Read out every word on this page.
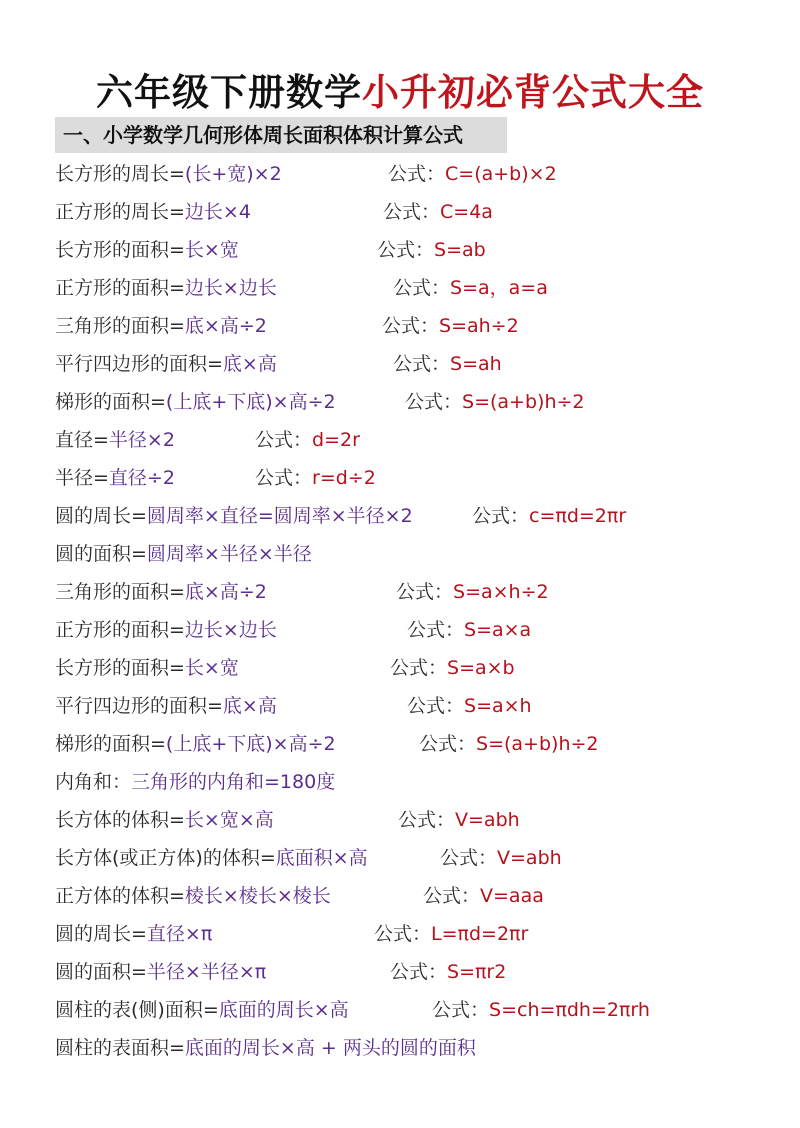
六年级下册数学小升初必背公式大全
一、小学数学几何形体周长面积体积计算公式
长方形的周长=(长+宽)×2	公式：C=(a+b)×2
正方形的周长=边长×4	公式：C=4a
长方形的面积=长×宽	公式：S=ab
正方形的面积=边长×边长	公式：S=a，a=a
三角形的面积=底×高÷2	公式：S=ah÷2
平行四边形的面积=底×高	公式：S=ah
梯形的面积=(上底+下底)×高÷2	公式：S=(a+b)h÷2
直径=半径×2	公式：d=2r
半径=直径÷2	公式：r=d÷2
圆的周长=圆周率×直径=圆周率×半径×2	公式：c=πd=2πr
圆的面积=圆周率×半径×半径
三角形的面积=底×高÷2	公式：S=a×h÷2
正方形的面积=边长×边长	公式：S=a×a
长方形的面积=长×宽	公式：S=a×b
平行四边形的面积=底×高	公式：S=a×h
梯形的面积=(上底+下底)×高÷2	公式：S=(a+b)h÷2
内角和：三角形的内角和=180度
长方体的体积=长×宽×高	公式：V=abh
长方体(或正方体)的体积=底面积×高	公式：V=abh
正方体的体积=棱长×棱长×棱长	公式：V=aaa
圆的周长=直径×π	公式：L=πd=2πr
圆的面积=半径×半径×π	公式：S=πr2
圆柱的表(侧)面积=底面的周长×高	公式：S=ch=πdh=2πrh
圆柱的表面积=底面的周长×高 + 两头的圆的面积
